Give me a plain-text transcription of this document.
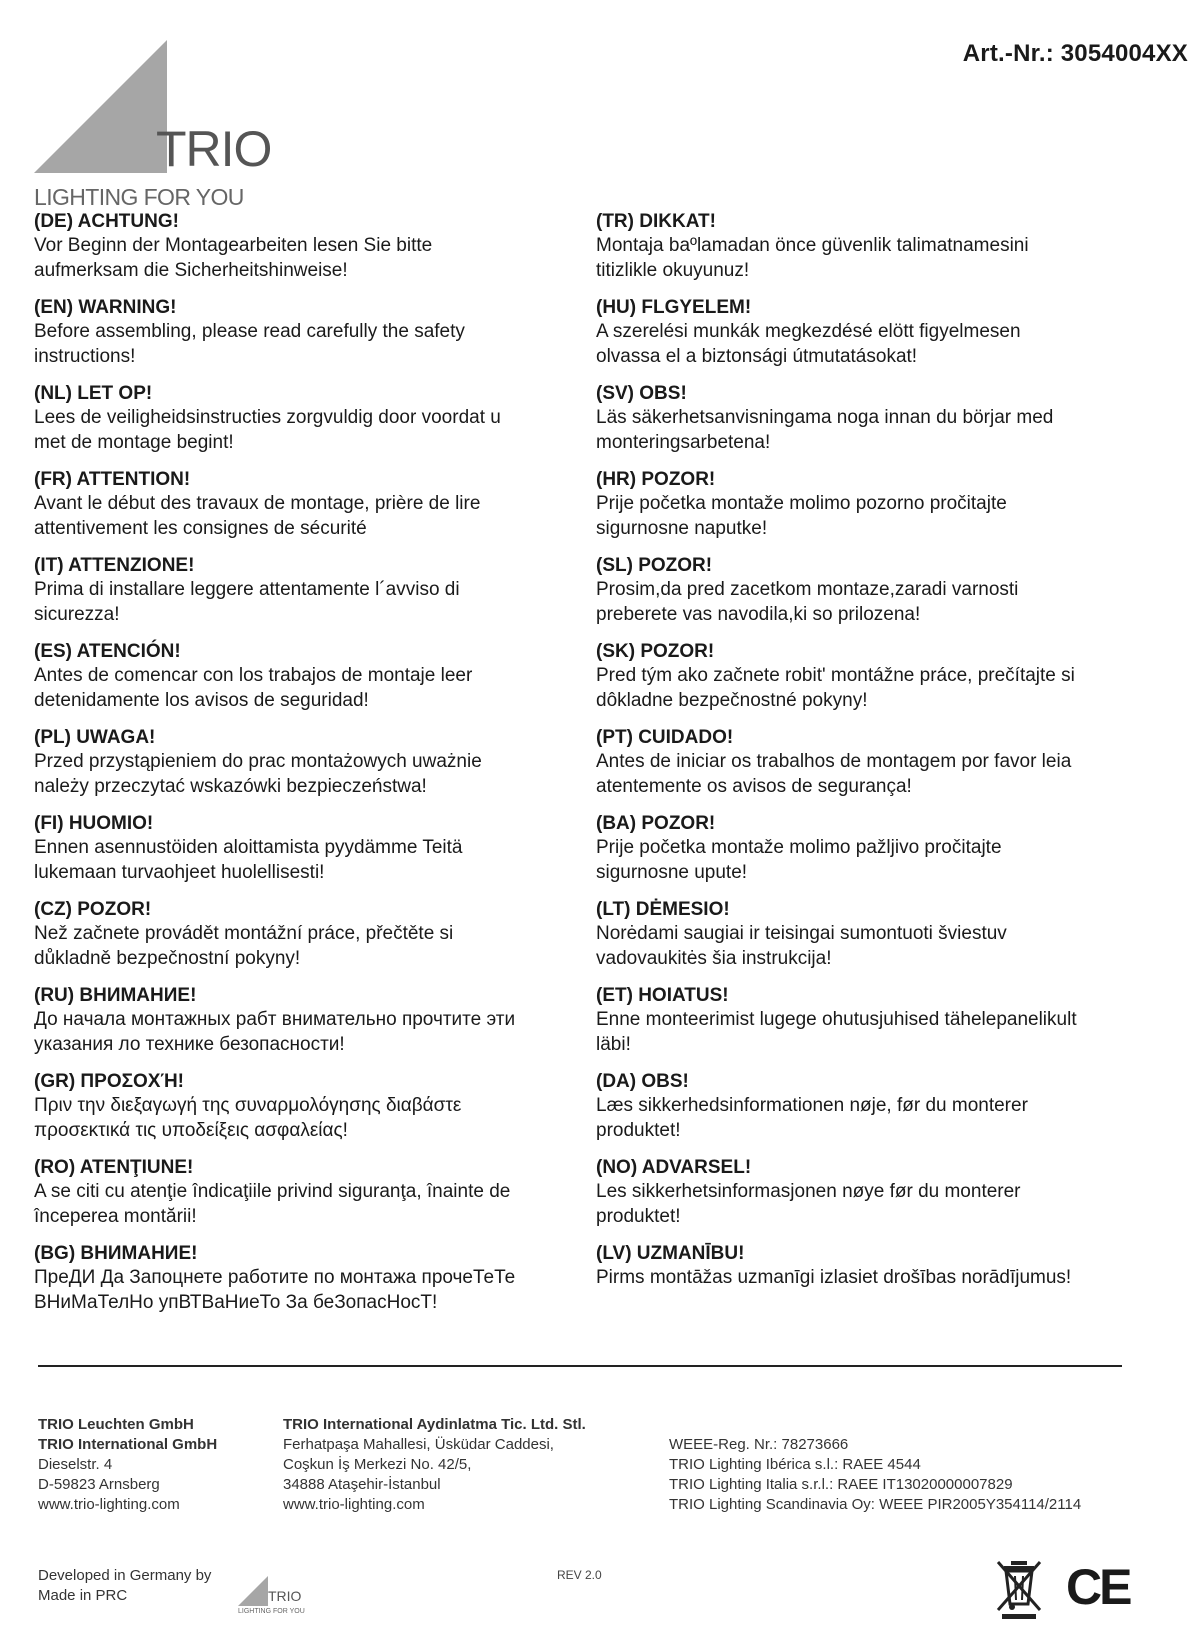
Art.-Nr.: 3054004XX
TRIO
LIGHTING FOR YOU
(DE) ACHTUNG!
Vor Beginn der Montagearbeiten lesen Sie bitte
aufmerksam die Sicherheitshinweise!
(EN) WARNING!
Before assembling, please read carefully the safety
instructions!
(NL) LET OP!
Lees de veiligheidsinstructies zorgvuldig door voordat u
met de montage begint!
(FR) ATTENTION!
Avant le début des travaux de montage, prière de lire
attentivement les consignes de sécurité
(IT) ATTENZIONE!
Prima di installare leggere attentamente l´avviso di
sicurezza!
(ES) ATENCIÓN!
Antes de comencar con los trabajos de montaje leer
detenidamente los avisos de seguridad!
(PL) UWAGA!
Przed przystąpieniem do prac montażowych uważnie
należy przeczytać wskazówki bezpieczeństwa!
(FI) HUOMIO!
Ennen asennustöiden aloittamista pyydämme Teitä
lukemaan turvaohjeet huolellisesti!
(CZ) POZOR!
Než začnete provádět montážní práce, přečtěte si
důkladně bezpečnostní pokyny!
(RU) ВНИМАНИЕ!
До начала монтажных рабт внимательно прочтите эти
указания ло технике безопасности!
(GR) ΠΡΟΣΟΧΉ!
Πριν την διεξαγωγή της συναρμολόγησης διαβάστε
προσεκτικά τις υποδείξεις ασφαλείας!
(RO) ATENŢIUNE!
A se citi cu atenţie îndicaţiile privind siguranţa, înainte de
începerea montării!
(BG) ВНИМАНИЕ!
ПреДИ Да Запоцнете работите по монтажа прочеТеТе
ВНиМаТелНо упВТВаНиеТо За беЗопасНосТ!
(TR) DIKKAT!
Montaja baºlamadan önce güvenlik talimatnamesini
titizlikle okuyunuz!
(HU) FLGYELEM!
A szerelési munkák megkezdésé elött figyelmesen
olvassa el a biztonsági útmutatásokat!
(SV) OBS!
Läs säkerhetsanvisningama noga innan du börjar med
monteringsarbetena!
(HR) POZOR!
Prije početka montaže molimo pozorno pročitajte
sigurnosne naputke!
(SL) POZOR!
Prosim,da pred zacetkom montaze,zaradi varnosti
preberete vas navodila,ki so prilozena!
(SK) POZOR!
Pred tým ako začnete robit' montážne práce, prečítajte si
dôkladne bezpečnostné pokyny!
(PT) CUIDADO!
Antes de iniciar os trabalhos de montagem por favor leia
atentemente os avisos de segurança!
(BA) POZOR!
Prije početka montaže molimo pažljivo pročitajte
sigurnosne upute!
(LT) DĖMESIO!
Norėdami saugiai ir teisingai sumontuoti šviestuv
vadovaukitės šia instrukcija!
(ET) HOIATUS!
Enne monteerimist lugege ohutusjuhised tähelepanelikult
läbi!
(DA) OBS!
Læs sikkerhedsinformationen nøje, før du monterer
produktet!
(NO) ADVARSEL!
Les sikkerhetsinformasjonen nøye før du monterer
produktet!
(LV) UZMANĪBU!
Pirms montāžas uzmanīgi izlasiet drošības norādījumus!
TRIO Leuchten GmbH
TRIO International GmbH
Dieselstr. 4
D-59823 Arnsberg
www.trio-lighting.com
TRIO International Aydinlatma Tic. Ltd. Stl.
Ferhatpaşa Mahallesi, Üsküdar Caddesi,
Coşkun İş Merkezi No. 42/5,
34888 Ataşehir-İstanbul
www.trio-lighting.com
WEEE-Reg. Nr.: 78273666
TRIO Lighting Ibérica s.l.: RAEE 4544
TRIO Lighting Italia s.r.l.: RAEE IT13020000007829
TRIO Lighting Scandinavia Oy: WEEE PIR2005Y354114/2114
Developed in Germany by
Made in PRC	TRIO
LIGHTING FOR YOU
REV 2.0	CE
